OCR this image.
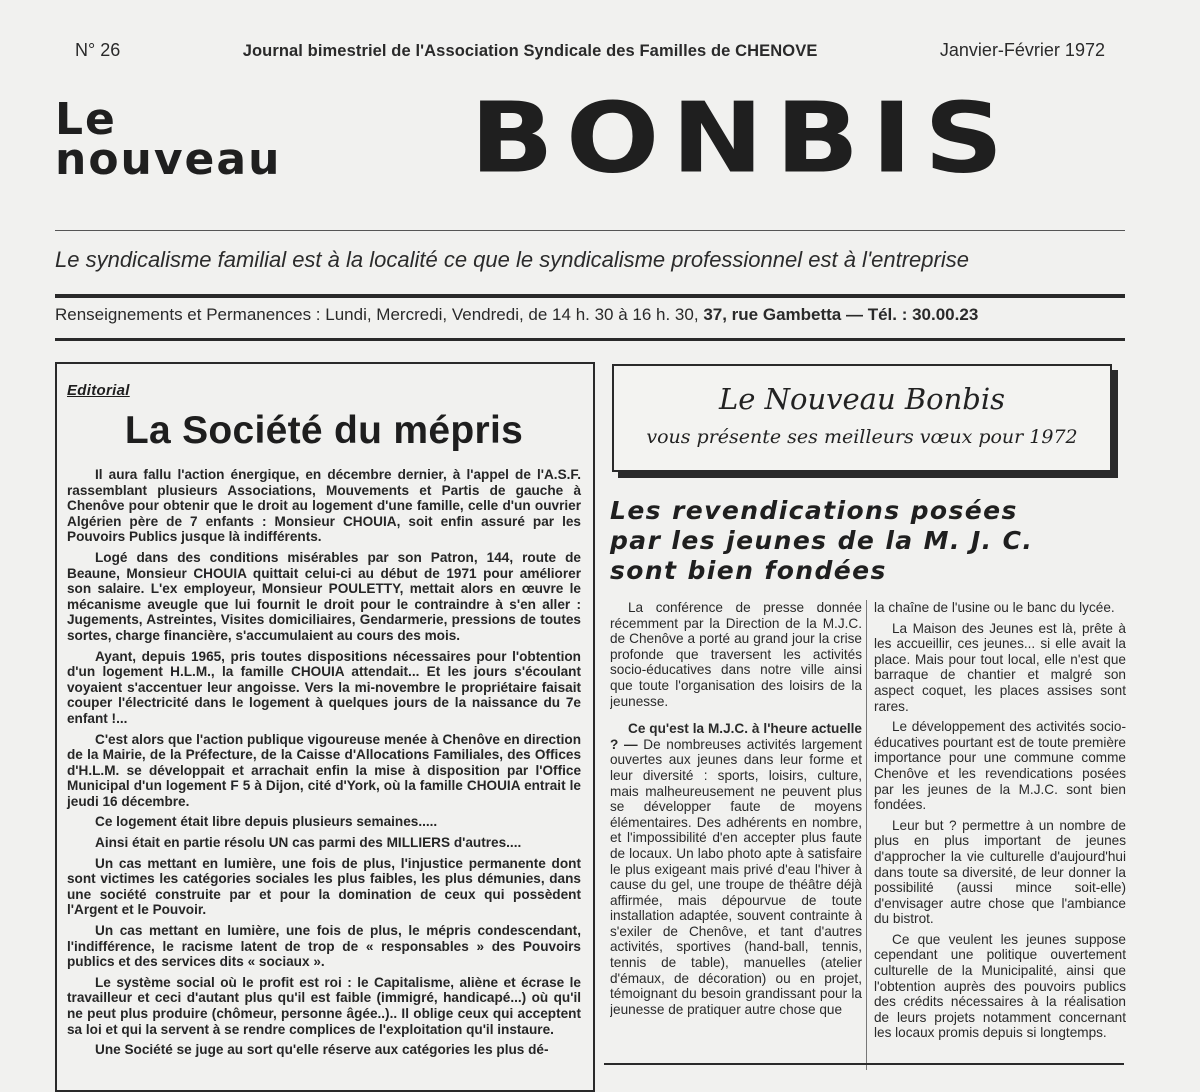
N° 26	Journal bimestriel de l'Association Syndicale des Familles de CHENOVE	Janvier-Février 1972
Le
nouveau	BONBIS
Le syndicalisme familial est à la localité ce que le syndicalisme professionnel est à l'entreprise
Renseignements et Permanences : Lundi, Mercredi, Vendredi, de 14 h. 30 à 16 h. 30, 37, rue Gambetta — Tél. : 30.00.23
Editorial
La Société du mépris

Il aura fallu l'action énergique, en décembre dernier, à l'appel de l'A.S.F. rassemblant plusieurs Associations, Mouvements et Partis de gauche à Chenôve pour obtenir que le droit au logement d'une famille, celle d'un ouvrier Algérien père de 7 enfants : Monsieur CHOUIA, soit enfin assuré par les Pouvoirs Publics jusque là indifférents.

Logé dans des conditions misérables par son Patron, 144, route de Beaune, Monsieur CHOUIA quittait celui-ci au début de 1971 pour améliorer son salaire. L'ex employeur, Monsieur POULETTY, mettait alors en œuvre le mécanisme aveugle que lui fournit le droit pour le contraindre à s'en aller : Jugements, Astreintes, Visites domiciliaires, Gendarmerie, pressions de toutes sortes, charge financière, s'accumulaient au cours des mois.

Ayant, depuis 1965, pris toutes dispositions nécessaires pour l'obtention d'un logement H.L.M., la famille CHOUIA attendait... Et les jours s'écoulant voyaient s'accentuer leur angoisse. Vers la mi-novembre le propriétaire faisait couper l'électricité dans le logement à quelques jours de la naissance du 7e enfant !...

C'est alors que l'action publique vigoureuse menée à Chenôve en direction de la Mairie, de la Préfecture, de la Caisse d'Allocations Familiales, des Offices d'H.L.M. se développait et arrachait enfin la mise à disposition par l'Office Municipal d'un logement F 5 à Dijon, cité d'York, où la famille CHOUIA entrait le jeudi 16 décembre.

Ce logement était libre depuis plusieurs semaines.....

Ainsi était en partie résolu UN cas parmi des MILLIERS d'autres....

Un cas mettant en lumière, une fois de plus, l'injustice permanente dont sont victimes les catégories sociales les plus faibles, les plus démunies, dans une société construite par et pour la domination de ceux qui possèdent l'Argent et le Pouvoir.

Un cas mettant en lumière, une fois de plus, le mépris condescendant, l'indifférence, le racisme latent de trop de « responsables » des Pouvoirs publics et des services dits « sociaux ».

Le système social où le profit est roi : le Capitalisme, aliène et écrase le travailleur et ceci d'autant plus qu'il est faible (immigré, handicapé...) où qu'il ne peut plus produire (chômeur, personne âgée..).. Il oblige ceux qui acceptent sa loi et qui la servent à se rendre complices de l'exploitation qu'il instaure.

Une Société se juge au sort qu'elle réserve aux catégories les plus dé-

Le Nouveau Bonbis
vous présente ses meilleurs vœux pour 1972
Les revendications posées
par les jeunes de la M. J. C.
sont bien fondées

La conférence de presse donnée récemment par la Direction de la M.J.C. de Chenôve a porté au grand jour la crise profonde que traversent les activités socio-éducatives dans notre ville ainsi que toute l'organisation des loisirs de la jeunesse.

Ce qu'est la M.J.C. à l'heure actuelle ? — De nombreuses activités largement ouvertes aux jeunes dans leur forme et leur diversité : sports, loisirs, culture, mais malheureusement ne peuvent plus se développer faute de moyens élémentaires. Des adhérents en nombre, et l'impossibilité d'en accepter plus faute de locaux. Un labo photo apte à satisfaire le plus exigeant mais privé d'eau l'hiver à cause du gel, une troupe de théâtre déjà affirmée, mais dépourvue de toute installation adaptée, souvent contrainte à s'exiler de Chenôve, et tant d'autres activités, sportives (hand-ball, tennis, tennis de table), manuelles (atelier d'émaux, de décoration) ou en projet, témoignant du besoin grandissant pour la jeunesse de pratiquer autre chose que

la chaîne de l'usine ou le banc du lycée.

La Maison des Jeunes est là, prête à les accueillir, ces jeunes... si elle avait la place. Mais pour tout local, elle n'est que barraque de chantier et malgré son aspect coquet, les places assises sont rares.

Le développement des activités socio-éducatives pourtant est de toute première importance pour une commune comme Chenôve et les revendications posées par les jeunes de la M.J.C. sont bien fondées.

Leur but ? permettre à un nombre de plus en plus important de jeunes d'approcher la vie culturelle d'aujourd'hui dans toute sa diversité, de leur donner la possibilité (aussi mince soit-elle) d'envisager autre chose que l'ambiance du bistrot.

Ce que veulent les jeunes suppose cependant une politique ouvertement culturelle de la Municipalité, ainsi que l'obtention auprès des pouvoirs publics des crédits nécessaires à la réalisation de leurs projets notamment concernant les locaux promis depuis si longtemps.
